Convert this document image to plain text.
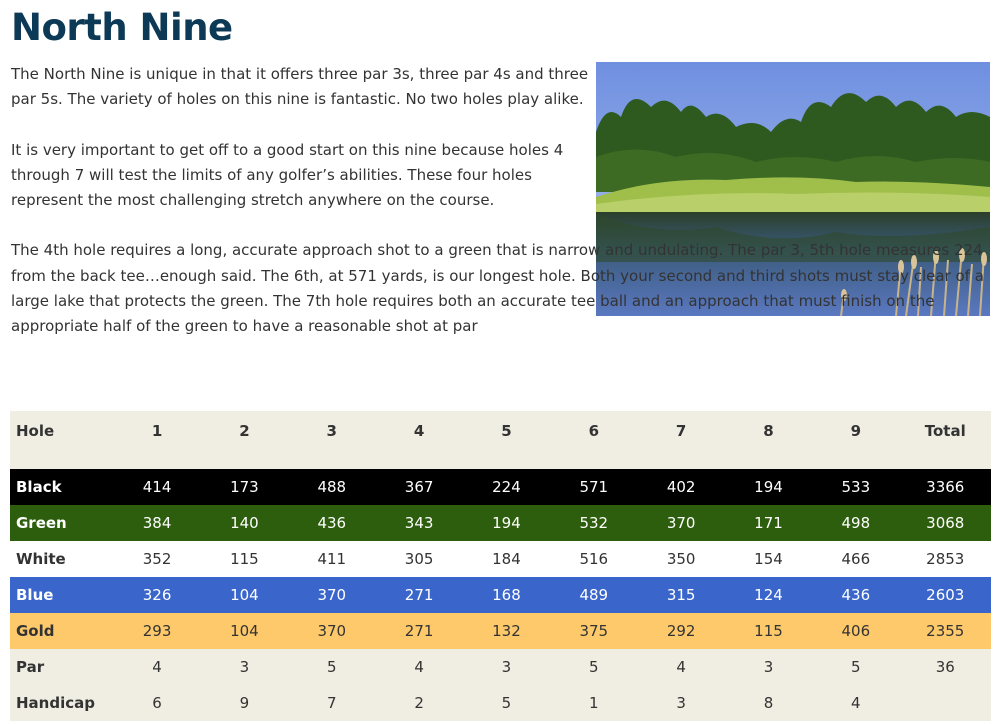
North Nine

The North Nine is unique in that it offers three par 3s, three par 4s and three par 5s. The variety of holes on this nine is fantastic. No two holes play alike.

It is very important to get off to a good start on this nine because holes 4 through 7 will test the limits of any golfer’s abilities. These four holes represent the most challenging stretch anywhere on the course.

The 4th hole requires a long, accurate approach shot to a green that is narrow and undulating. The par 3, 5th hole measures 224 from the back tee…enough said. The 6th, at 571 yards, is our longest hole. Both your second and third shots must stay clear of a large lake that protects the green. The 7th hole requires both an accurate tee ball and an approach that must finish on the appropriate half of the green to have a reasonable shot at par

Hole	1	2	3	4	5	6	7	8	9	Total

Black	414	173	488	367	224	571	402	194	533	3366
Green	384	140	436	343	194	532	370	171	498	3068
White	352	115	411	305	184	516	350	154	466	2853
Blue	326	104	370	271	168	489	315	124	436	2603
Gold	293	104	370	271	132	375	292	115	406	2355
Par	4	3	5	4	3	5	4	3	5	36
Handicap	6	9	7	2	5	1	3	8	4	
